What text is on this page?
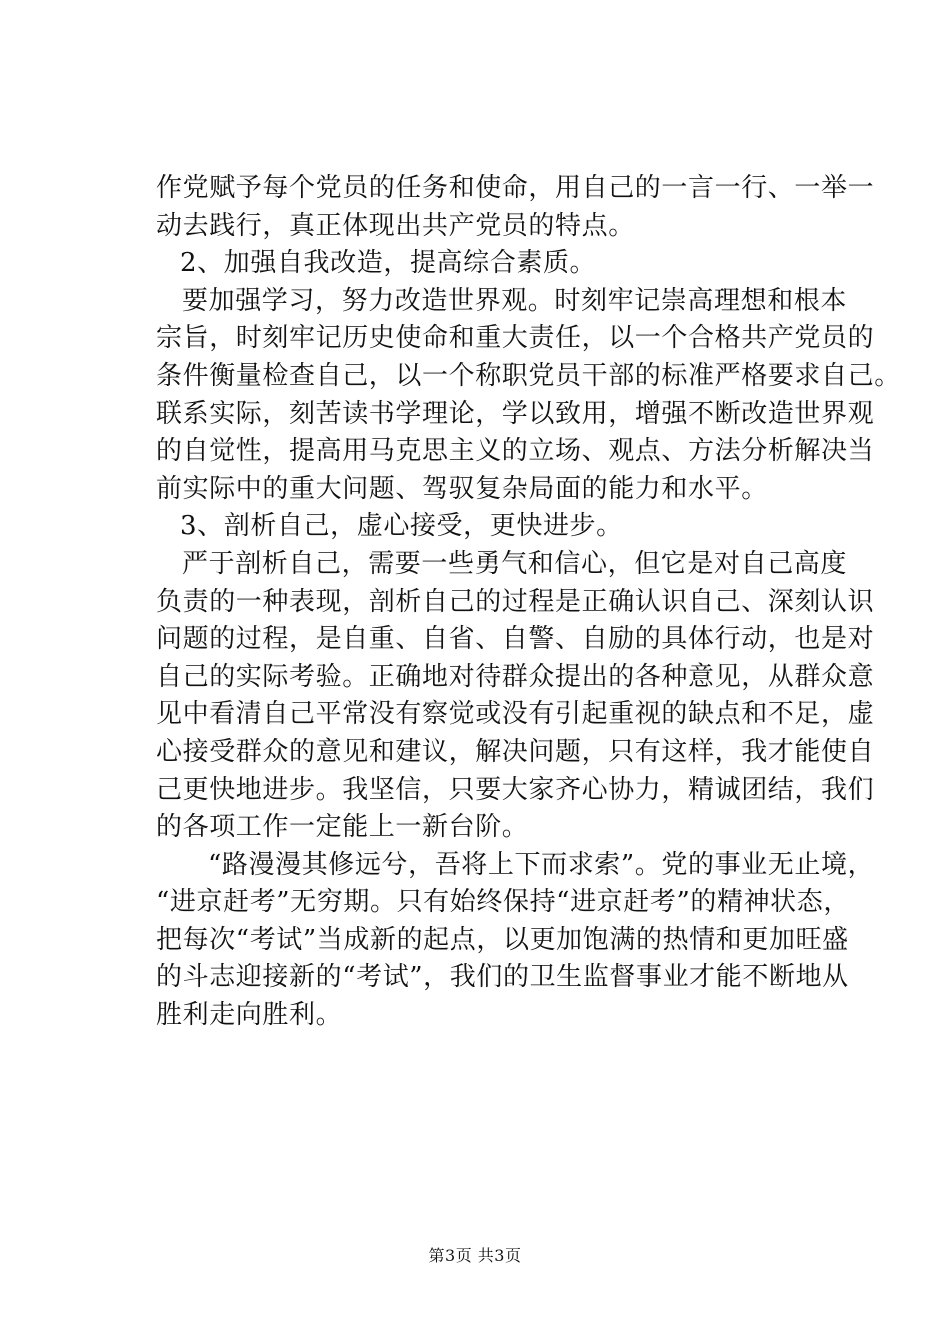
作党赋予每个党员的任务和使命，用自己的一言一行、一举一
动去践行，真正体现出共产党员的特点。
2、加强自我改造，提高综合素质。
要加强学习，努力改造世界观。时刻牢记崇高理想和根本
宗旨，时刻牢记历史使命和重大责任，以一个合格共产党员的
条件衡量检查自己，以一个称职党员干部的标准严格要求自己。
联系实际，刻苦读书学理论，学以致用，增强不断改造世界观
的自觉性，提高用马克思主义的立场、观点、方法分析解决当
前实际中的重大问题、驾驭复杂局面的能力和水平。
3、剖析自己，虚心接受，更快进步。
严于剖析自己，需要一些勇气和信心，但它是对自己高度
负责的一种表现，剖析自己的过程是正确认识自己、深刻认识
问题的过程，是自重、自省、自警、自励的具体行动，也是对
自己的实际考验。正确地对待群众提出的各种意见，从群众意
见中看清自己平常没有察觉或没有引起重视的缺点和不足，虚
心接受群众的意见和建议，解决问题，只有这样，我才能使自
己更快地进步。我坚信，只要大家齐心协力，精诚团结，我们
的各项工作一定能上一新台阶。
“路漫漫其修远兮，吾将上下而求索”。党的事业无止境，
“进京赶考”无穷期。只有始终保持“进京赶考”的精神状态，
把每次“考试”当成新的起点，以更加饱满的热情和更加旺盛
的斗志迎接新的“考试”，我们的卫生监督事业才能不断地从
胜利走向胜利。
第3页 共3页
